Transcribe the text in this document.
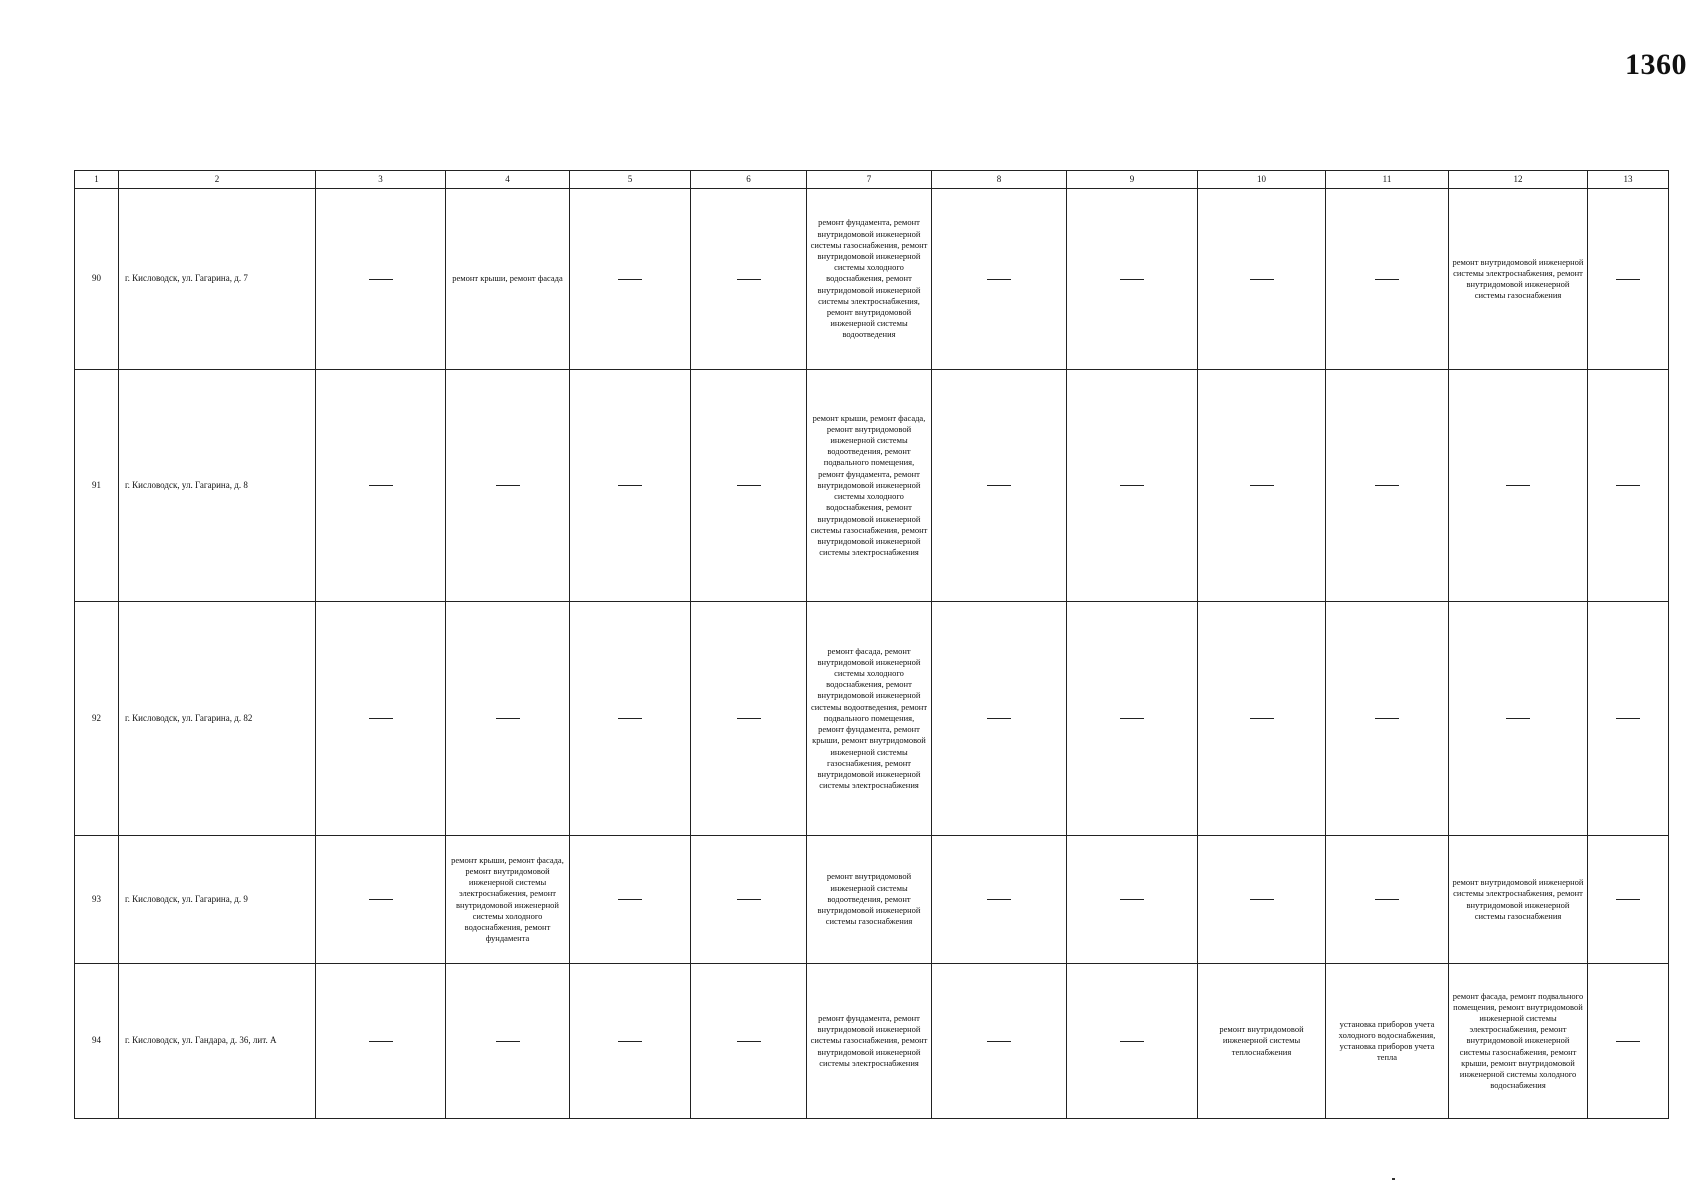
1360
1	2	3	4	5	6	7	8	9	10	11	12	13
90	г. Кисловодск, ул. Гагарина, д. 7		ремонт крыши, ремонт фасада			ремонт фундамента, ремонт внутридомовой инженерной системы газоснабжения, ремонт внутридомовой инженерной системы холодного водоснабжения, ремонт внутридомовой инженерной системы электроснабжения, ремонт внутридомовой инженерной системы водоотведения					ремонт внутридомовой инженерной системы электроснабжения, ремонт внутридомовой инженерной системы газоснабжения	
91	г. Кисловодск, ул. Гагарина, д. 8					ремонт крыши, ремонт фасада, ремонт внутридомовой инженерной системы водоотведения, ремонт подвального помещения, ремонт фундамента, ремонт внутридомовой инженерной системы холодного водоснабжения, ремонт внутридомовой инженерной системы газоснабжения, ремонт внутридомовой инженерной системы электроснабжения						
92	г. Кисловодск, ул. Гагарина, д. 82					ремонт фасада, ремонт внутридомовой инженерной системы холодного водоснабжения, ремонт внутридомовой инженерной системы водоотведения, ремонт подвального помещения, ремонт фундамента, ремонт крыши, ремонт внутридомовой инженерной системы газоснабжения, ремонт внутридомовой инженерной системы электроснабжения						
93	г. Кисловодск, ул. Гагарина, д. 9		ремонт крыши, ремонт фасада, ремонт внутридомовой инженерной системы электроснабжения, ремонт внутридомовой инженерной системы холодного водоснабжения, ремонт фундамента			ремонт внутридомовой инженерной системы водоотведения, ремонт внутридомовой инженерной системы газоснабжения					ремонт внутридомовой инженерной системы электроснабжения, ремонт внутридомовой инженерной системы газоснабжения	
94	г. Кисловодск, ул. Гандара, д. 36, лит. А					ремонт фундамента, ремонт внутридомовой инженерной системы газоснабжения, ремонт внутридомовой инженерной системы электроснабжения			ремонт внутридомовой инженерной системы теплоснабжения	установка приборов учета холодного водоснабжения, установка приборов учета тепла	ремонт фасада, ремонт подвального помещения, ремонт внутридомовой инженерной системы электроснабжения, ремонт внутридомовой инженерной системы газоснабжения, ремонт крыши, ремонт внутридомовой инженерной системы холодного водоснабжения	
